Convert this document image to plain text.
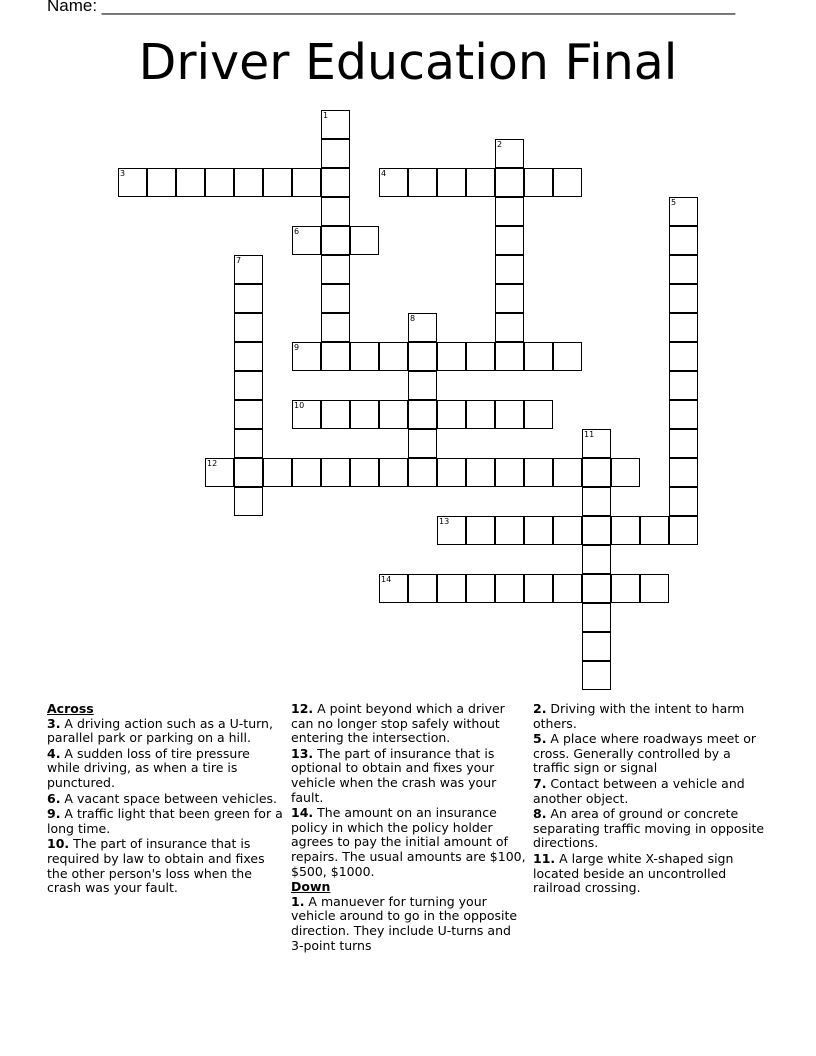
Name: ___________________________________________________________________
Driver Education Final
1
2
3	4
5
6
7
8
9
10
11
12
13
14
Across
3. A driving action such as a U-turn, parallel park or parking on a hill.
4. A sudden loss of tire pressure while driving, as when a tire is punctured.
6. A vacant space between vehicles.
9. A traffic light that been green for a long time.
10. The part of insurance that is required by law to obtain and fixes the other person's loss when the crash was your fault.
12. A point beyond which a driver can no longer stop safely without entering the intersection.
13. The part of insurance that is optional to obtain and fixes your vehicle when the crash was your fault.
14. The amount on an insurance policy in which the policy holder agrees to pay the initial amount of repairs. The usual amounts are $100, $500, $1000.
Down
1. A manuever for turning your vehicle around to go in the opposite direction. They include U-turns and 3-point turns
2. Driving with the intent to harm others.
5. A place where roadways meet or cross. Generally controlled by a traffic sign or signal
7. Contact between a vehicle and another object.
8. An area of ground or concrete separating traffic moving in opposite directions.
11. A large white X-shaped sign located beside an uncontrolled railroad crossing.
